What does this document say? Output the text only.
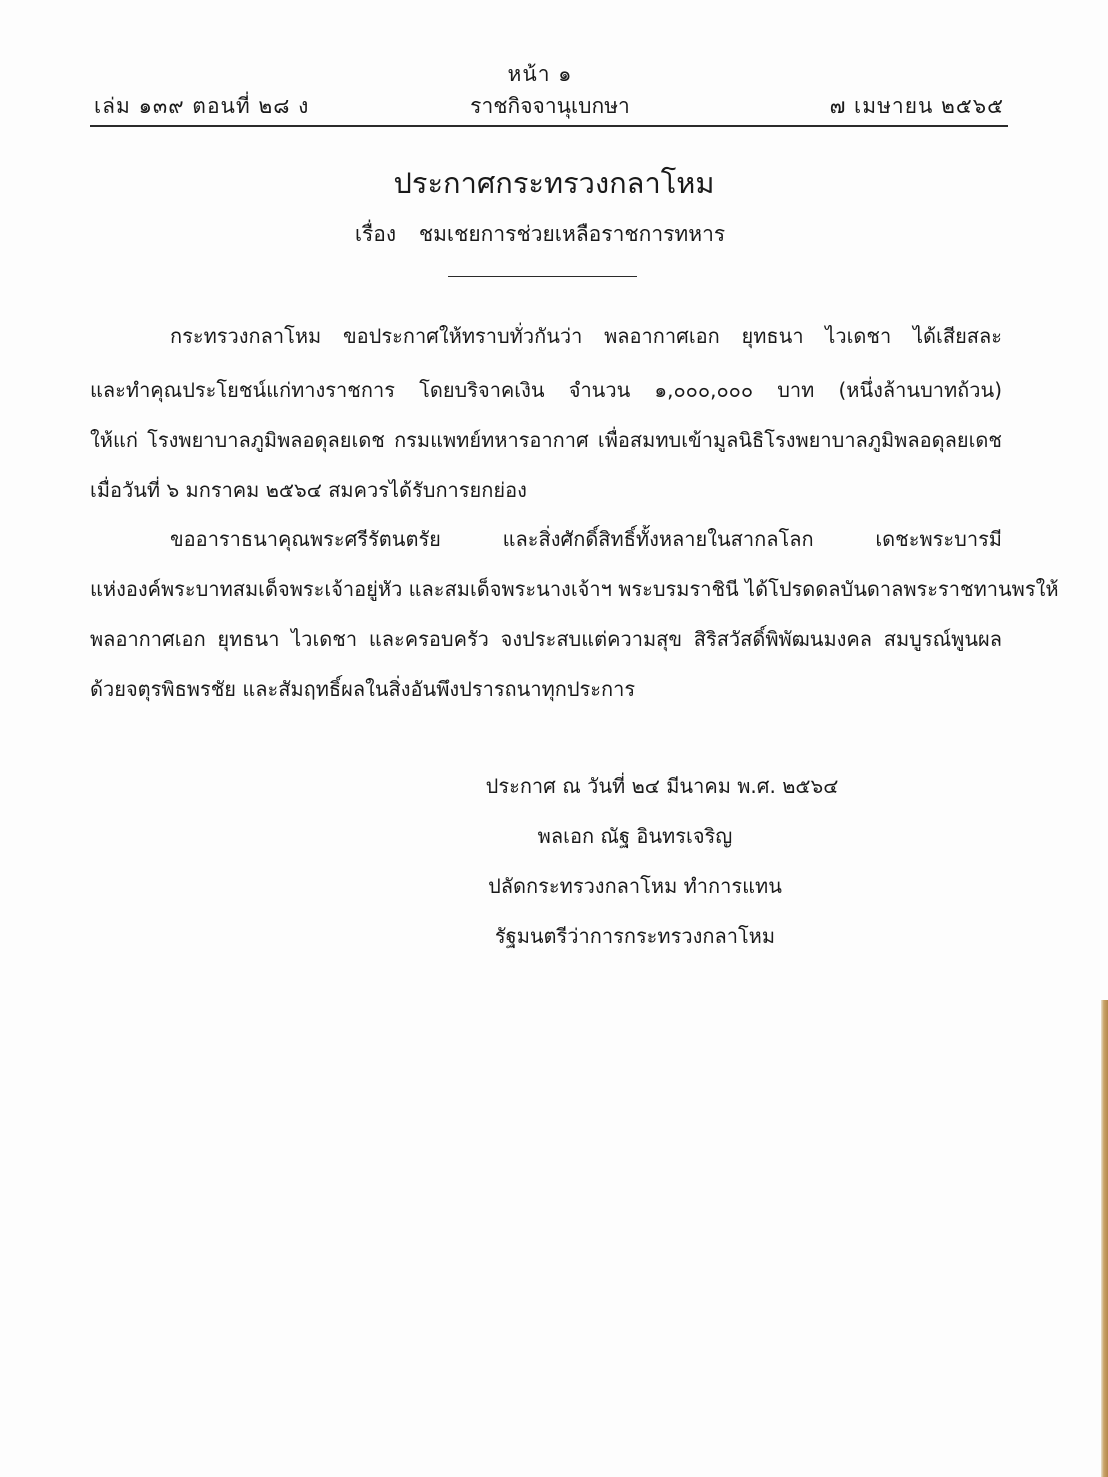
หน้า ๑
เล่ม ๑๓๙ ตอนที่ ๒๘ ง	ราชกิจจานุเบกษา	๗ เมษายน ๒๕๖๕
ประกาศกระทรวงกลาโหม
เรื่อง ชมเชยการช่วยเหลือราชการทหาร
กระทรวงกลาโหม ขอประกาศให้ทราบทั่วกันว่า พลอากาศเอก ยุทธนา ไวเดชา ได้เสียสละ
และทำคุณประโยชน์แก่ทางราชการ โดยบริจาคเงิน จำนวน ๑,๐๐๐,๐๐๐ บาท (หนึ่งล้านบาทถ้วน)
ให้แก่ โรงพยาบาลภูมิพลอดุลยเดช กรมแพทย์ทหารอากาศ เพื่อสมทบเข้ามูลนิธิโรงพยาบาลภูมิพลอดุลยเดช
เมื่อวันที่ ๖ มกราคม ๒๕๖๔ สมควรได้รับการยกย่อง
ขออาราธนาคุณพระศรีรัตนตรัย และสิ่งศักดิ์สิทธิ์ทั้งหลายในสากลโลก เดชะพระบารมี
แห่งองค์พระบาทสมเด็จพระเจ้าอยู่หัว และสมเด็จพระนางเจ้าฯ พระบรมราชินี ได้โปรดดลบันดาลพระราชทานพรให้
พลอากาศเอก ยุทธนา ไวเดชา และครอบครัว จงประสบแต่ความสุข สิริสวัสดิ์พิพัฒนมงคล สมบูรณ์พูนผล
ด้วยจตุรพิธพรชัย และสัมฤทธิ์ผลในสิ่งอันพึงปรารถนาทุกประการ
ประกาศ ณ วันที่ ๒๔ มีนาคม พ.ศ. ๒๕๖๔
พลเอก ณัฐ อินทรเจริญ
ปลัดกระทรวงกลาโหม ทำการแทน
รัฐมนตรีว่าการกระทรวงกลาโหม
